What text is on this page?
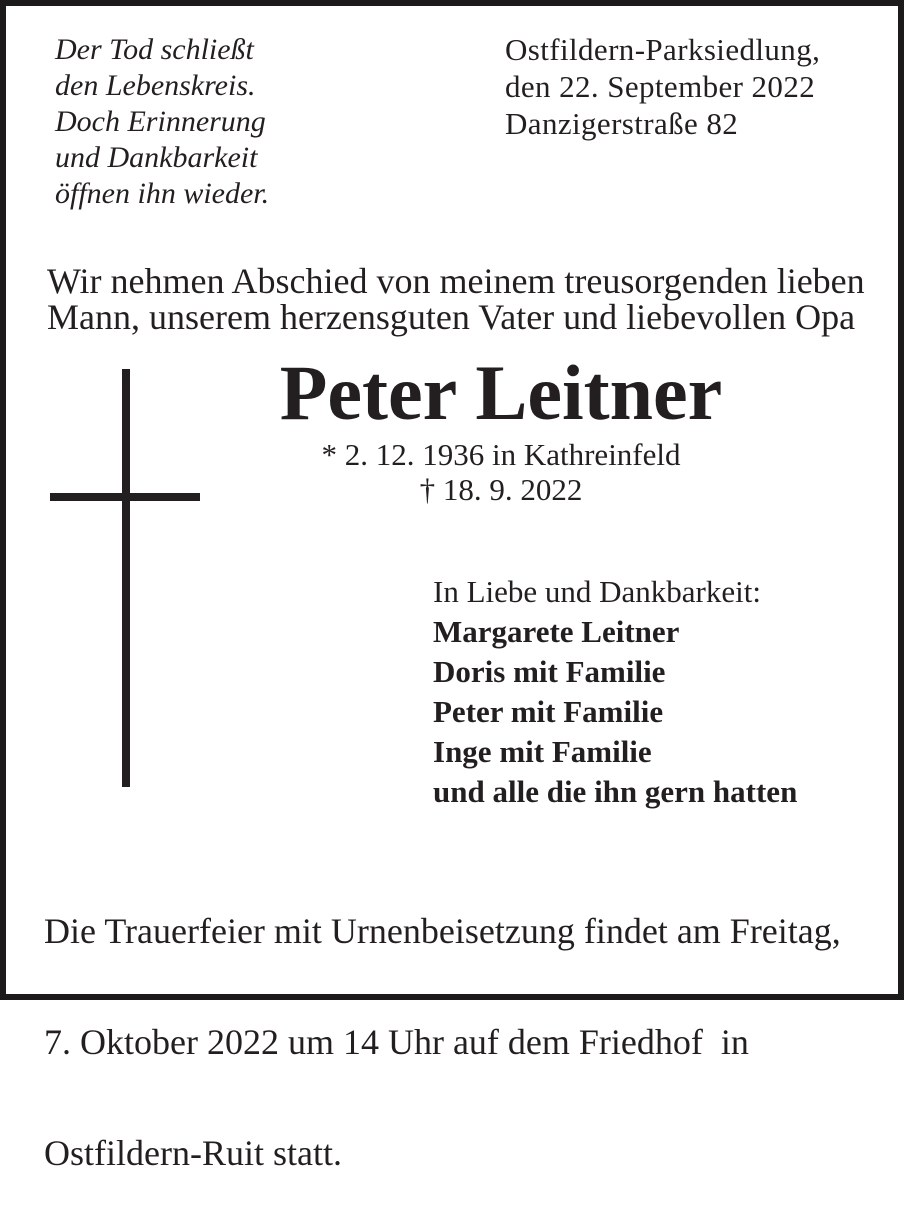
Der Tod schließt
den Lebenskreis.
Doch Erinnerung
und Dankbarkeit
öffnen ihn wieder.
Ostfildern-Parksiedlung,
den 22. September 2022
Danzigerstraße 82
Wir nehmen Abschied von meinem treusorgenden lieben
Mann, unserem herzensguten Vater und liebevollen Opa
Peter Leitner
* 2. 12. 1936 in Kathreinfeld
† 18. 9. 2022
In Liebe und Dankbarkeit:
Margarete Leitner
Doris mit Familie
Peter mit Familie
Inge mit Familie
und alle die ihn gern hatten

Die Trauerfeier mit Urnenbeisetzung findet am Freitag,

7. Oktober 2022 um 14 Uhr auf dem Friedhof  in

Ostfildern-Ruit statt.
